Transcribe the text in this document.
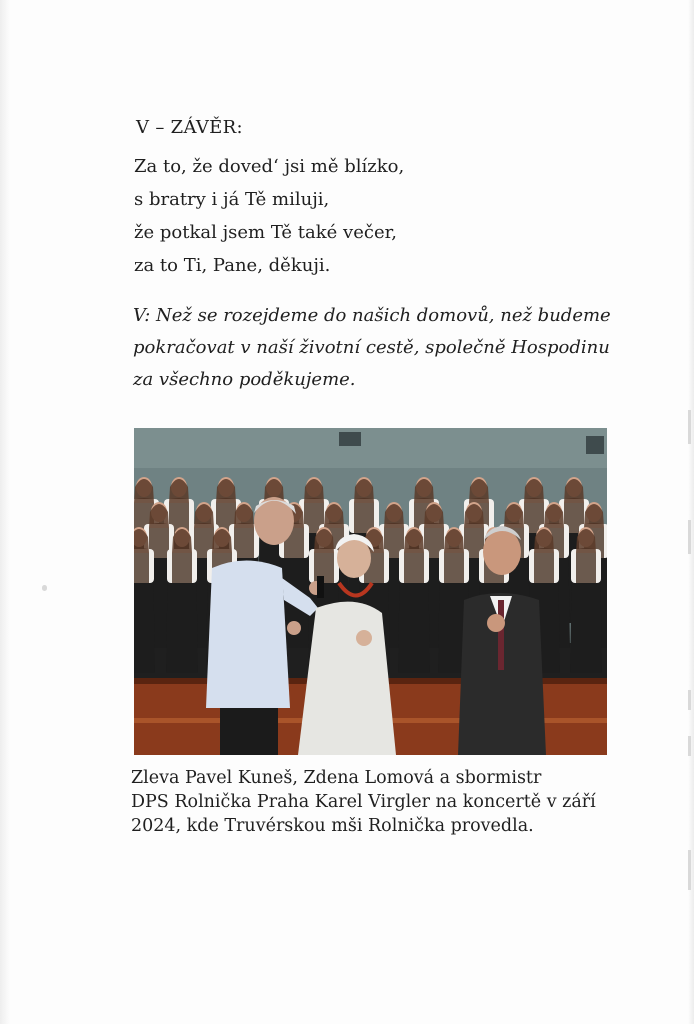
V – ZÁVĚR:
Za to, že doved‘ jsi mě blízko,
s bratry i já Tě miluji,
že potkal jsem Tě také večer,
za to Ti, Pane, děkuji.

V: Než se rozejdeme do našich domovů, než budeme pokračovat v naší životní cestě, společně Hospodinu za všechno poděkujeme.

Zleva Pavel Kuneš, Zdena Lomová a sbormistr
DPS Rolnička Praha Karel Virgler na koncertě v září
2024, kde Truvérskou mši Rolnička provedla.
